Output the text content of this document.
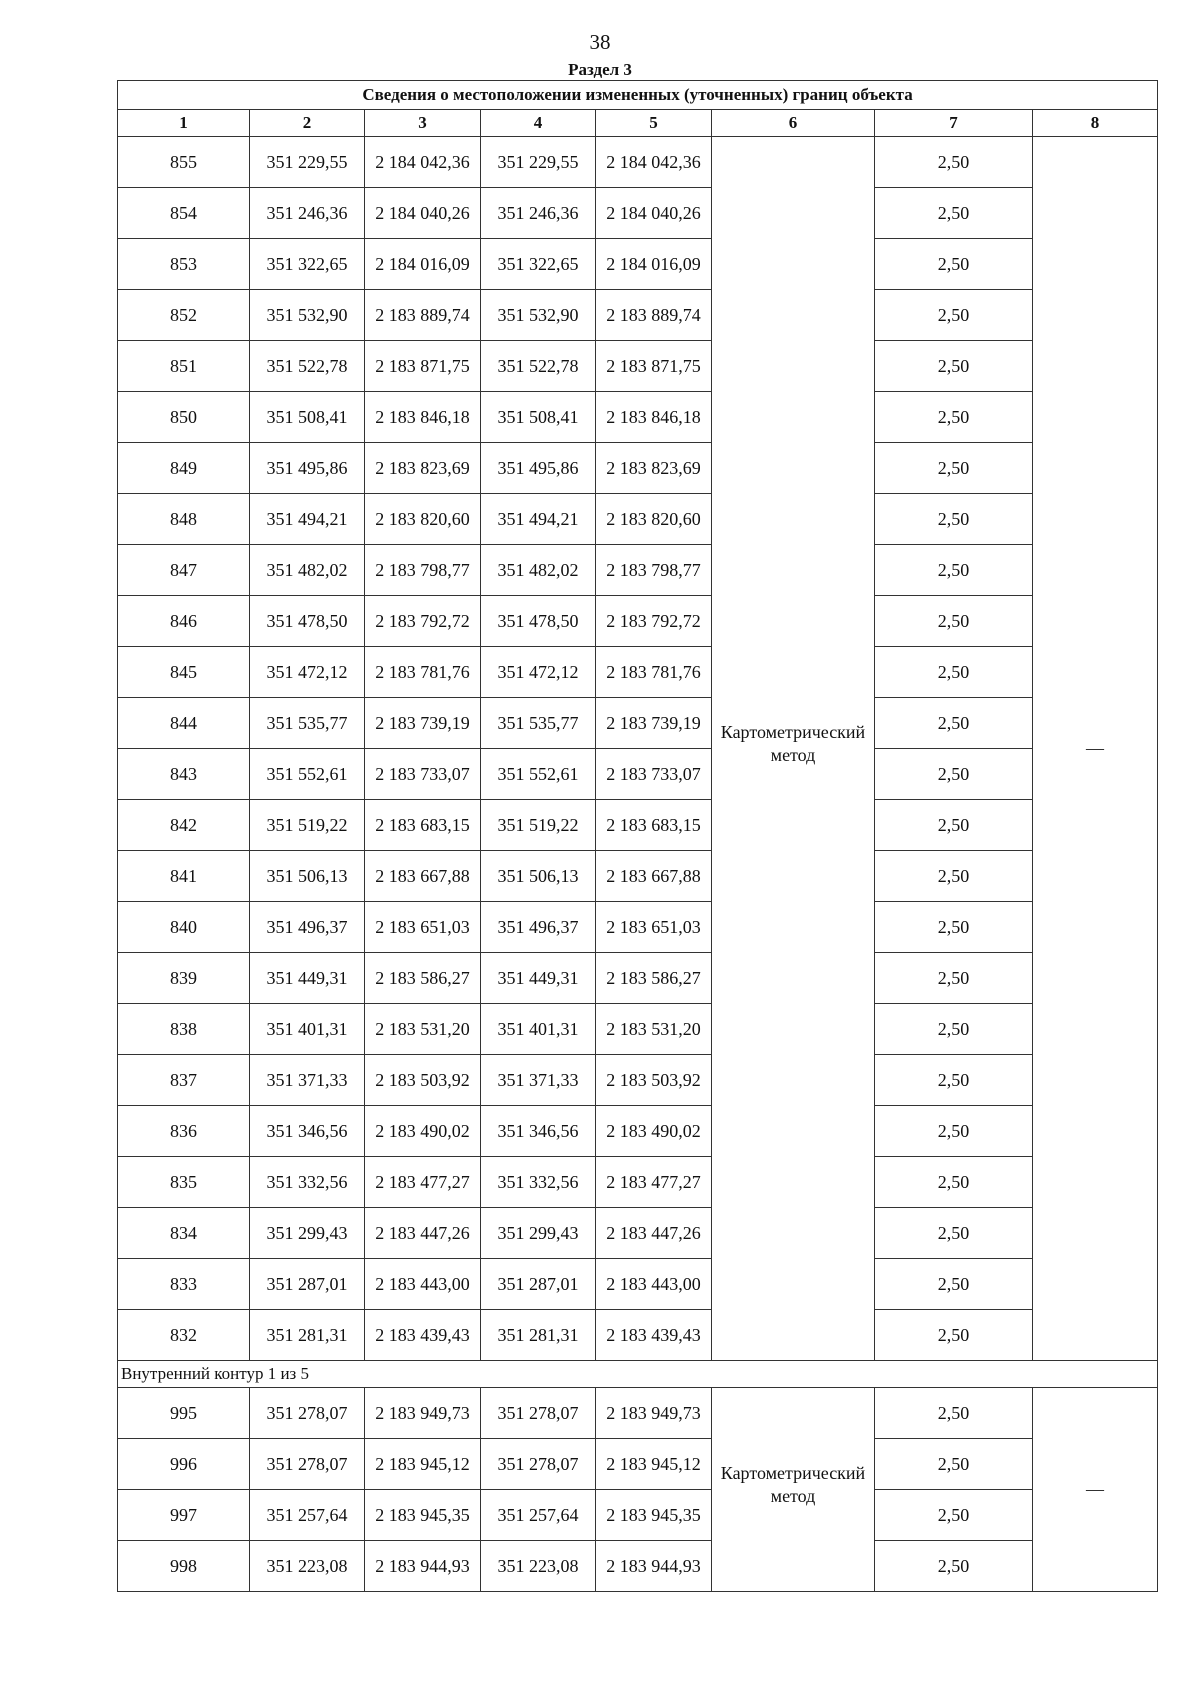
38
Раздел 3
Сведения о местоположении измененных (уточненных) границ объекта							
1	2	3	4	5	6	7	8
855	351 229,55	2 184 042,36	351 229,55	2 184 042,36	Картометрический метод	2,50	—
854	351 246,36	2 184 040,26	351 246,36	2 184 040,26		2,50	
853	351 322,65	2 184 016,09	351 322,65	2 184 016,09		2,50	
852	351 532,90	2 183 889,74	351 532,90	2 183 889,74		2,50	
851	351 522,78	2 183 871,75	351 522,78	2 183 871,75		2,50	
850	351 508,41	2 183 846,18	351 508,41	2 183 846,18		2,50	
849	351 495,86	2 183 823,69	351 495,86	2 183 823,69		2,50	
848	351 494,21	2 183 820,60	351 494,21	2 183 820,60		2,50	
847	351 482,02	2 183 798,77	351 482,02	2 183 798,77		2,50	
846	351 478,50	2 183 792,72	351 478,50	2 183 792,72		2,50	
845	351 472,12	2 183 781,76	351 472,12	2 183 781,76		2,50	
844	351 535,77	2 183 739,19	351 535,77	2 183 739,19		2,50	
843	351 552,61	2 183 733,07	351 552,61	2 183 733,07		2,50	
842	351 519,22	2 183 683,15	351 519,22	2 183 683,15		2,50	
841	351 506,13	2 183 667,88	351 506,13	2 183 667,88		2,50	
840	351 496,37	2 183 651,03	351 496,37	2 183 651,03		2,50	
839	351 449,31	2 183 586,27	351 449,31	2 183 586,27		2,50	
838	351 401,31	2 183 531,20	351 401,31	2 183 531,20		2,50	
837	351 371,33	2 183 503,92	351 371,33	2 183 503,92		2,50	
836	351 346,56	2 183 490,02	351 346,56	2 183 490,02		2,50	
835	351 332,56	2 183 477,27	351 332,56	2 183 477,27		2,50	
834	351 299,43	2 183 447,26	351 299,43	2 183 447,26		2,50	
833	351 287,01	2 183 443,00	351 287,01	2 183 443,00		2,50	
832	351 281,31	2 183 439,43	351 281,31	2 183 439,43		2,50	
Внутренний контур 1 из 5							
995	351 278,07	2 183 949,73	351 278,07	2 183 949,73	Картометрический метод	2,50	—
996	351 278,07	2 183 945,12	351 278,07	2 183 945,12		2,50	
997	351 257,64	2 183 945,35	351 257,64	2 183 945,35		2,50	
998	351 223,08	2 183 944,93	351 223,08	2 183 944,93		2,50	
